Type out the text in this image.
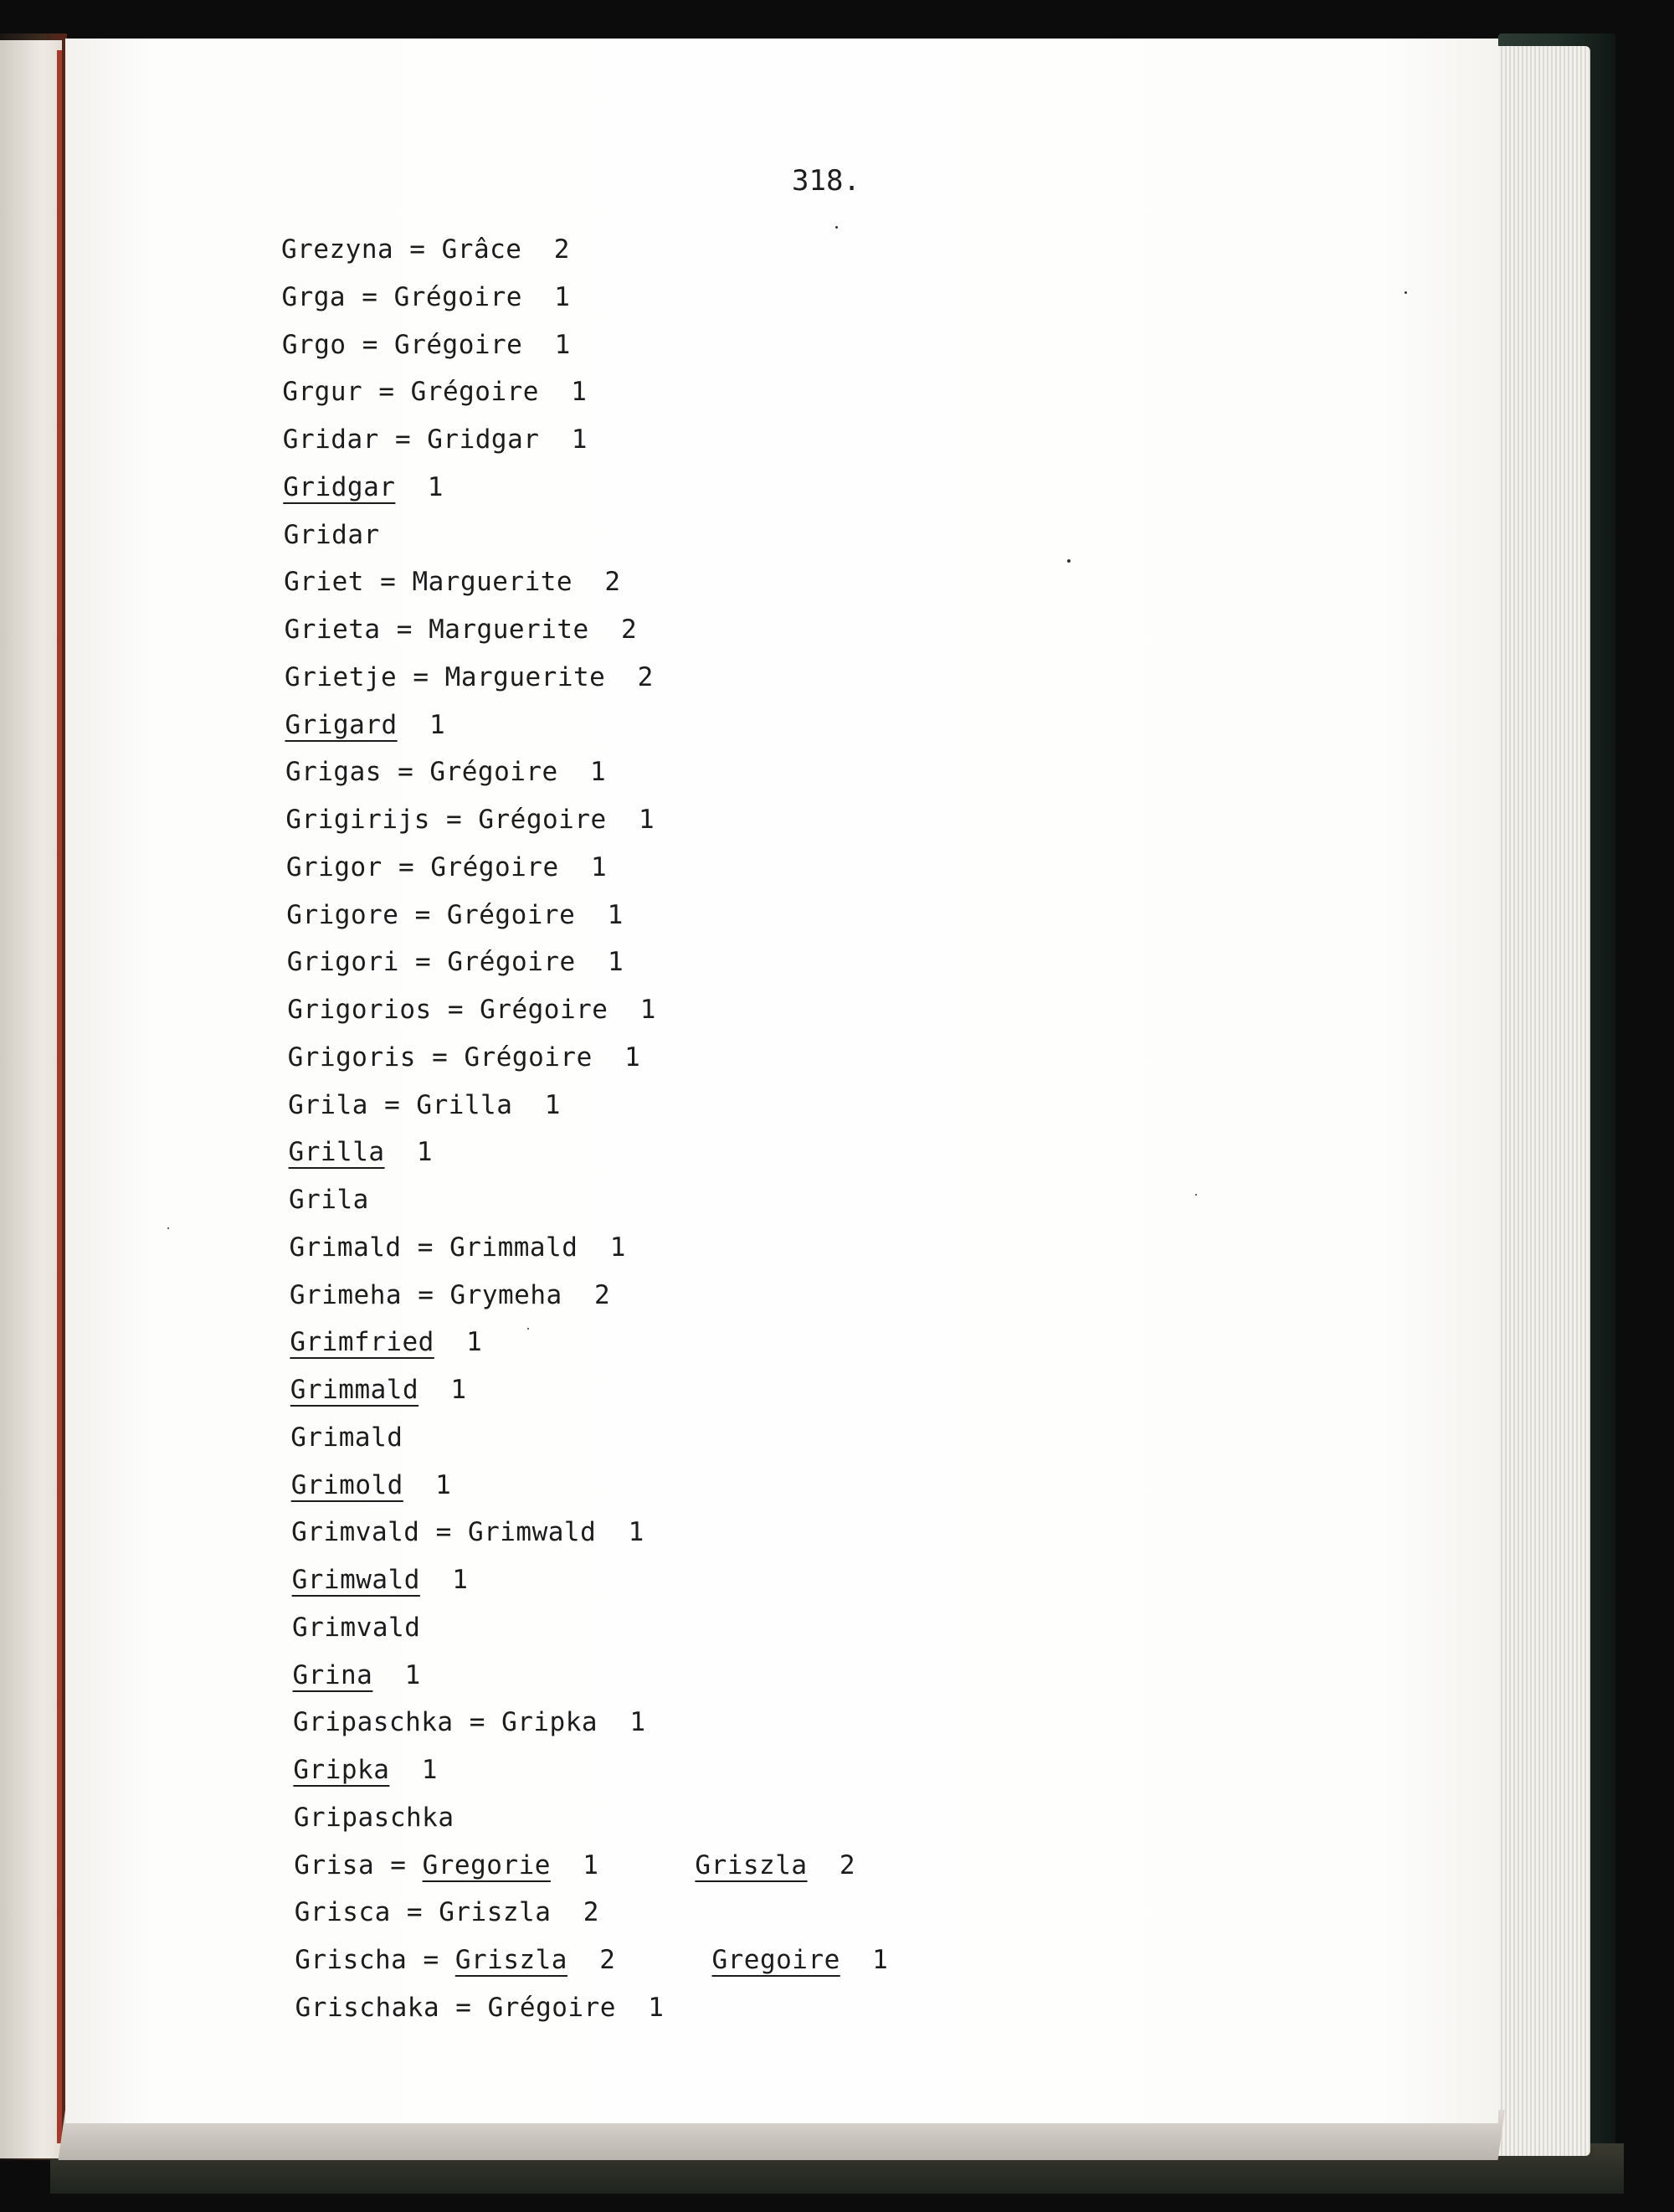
318.

Grezyna = Grâce  2
Grga = Grégoire  1
Grgo = Grégoire  1
Grgur = Grégoire  1
Gridar = Gridgar  1
Gridgar  1
Gridar
Griet = Marguerite  2
Grieta = Marguerite  2
Grietje = Marguerite  2
Grigard  1
Grigas = Grégoire  1
Grigirijs = Grégoire  1
Grigor = Grégoire  1
Grigore = Grégoire  1
Grigori = Grégoire  1
Grigorios = Grégoire  1
Grigoris = Grégoire  1
Grila = Grilla  1
Grilla  1
Grila
Grimald = Grimmald  1
Grimeha = Grymeha  2
Grimfried  1
Grimmald  1
Grimald
Grimold  1
Grimvald = Grimwald  1
Grimwald  1
Grimvald
Grina  1
Gripaschka = Gripka  1
Gripka  1
Gripaschka
Grisa = Gregorie  1      Griszla  2
Grisca = Griszla  2
Grischa = Griszla  2      Gregoire  1
Grischaka = Grégoire  1
